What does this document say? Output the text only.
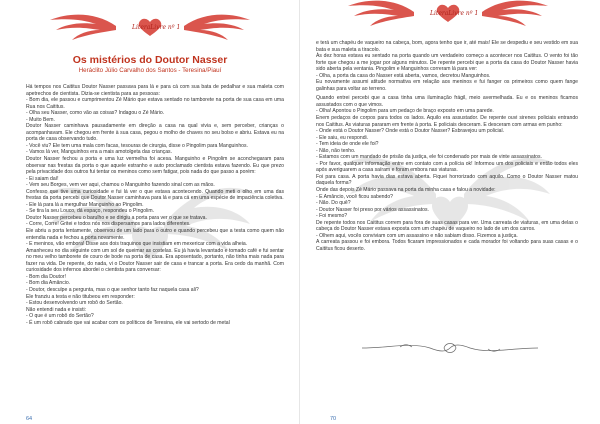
LiteraLivre nº 1
Os mistérios do Doutor Nasser
Heráclito Júlio Carvalho dos Santos - Teresina/Piauí

Há tempos nos Caititus Doutor Nasser passava para lá e para cá com sua bata de pedalhar e sua maleta com apetrechos de cientista. Dizia-se cientista para as pessoas:

- Bom dia, ele passou e cumprimentou Zé Mário que estava sentado no tamborete na porta de sua casa em uma Rua nos Caititus.

- Olha seu Nasser, como vão as coisas? Indagou o Zé Mário.

- Muito Bem.

Doutor Nasser caminhava pausadamente em direção a casa na qual vivia e, sem perceber, crianças o acompanhavam. Ele chegou em frente à sua casa, pegou o molho de chaves no seu bolso e abriu. Estava eu na porta de casa observando tudo.

- Você viu? Ele tem uma mala com facas, tesouras de cirurgia, disse o Pingolim para Manguinhos.

- Vamos lá ver, Manguinhos era a mais amotolgeta das crianças.

Doutor Nasser fechou a porta e uma luz vermelha foi acesa. Manguinho e Pingolim se aconchegaram para observar nas frestas da porta o que aquele estranho e auto proclamado cientista estava fazendo. Eu que prezo pela privacidade dos outros fui tentar os meninos como sem fatigar, pois nada do que passo a porém:

- Ei saiam daí!

- Vem seu Borges, vem ver aqui, chamou o Manguinho fazendo sinal com as mãos.

Confesso que tive uma curiosidade e fui lá ver o que estava acontecendo. Quando meti o olho em uma das frestas da porta percebi que Doutor Nasser caminhava para lá e para cá em uma espécie de impaciência coletiva.

- Ele lá para lá a mergulhar Manguinho ao Pingolim.

- Se tira la seu Louco, dá espaço, respondeu o Pingolim.

Doutor Nasser percebeu o barulho e se dirigiu a porta para ver o que se tratava.

- Corre, Corre! Gritei e todos nós nos dispersamos para lados diferentes.

Ele abriu a porta lentamente, observou de um lado para o outro e quando percebeu que a testa como quem não entendia nada e fechou a porta novamente.

- E meninos, vão embora! Disse aos dois traquinos que insistiam em mexericar com a vida alheia.

Amanheceu no dia seguinte com um sol de queimar as costelas. Eu já havia levantado e tomado café e fui sentar no meu velho tamborete de couro de bode na porta de casa. Era aposentado, portanto, não tinha mais nada para fazer na vida. De repente, do nada, vi o Doutor Nasser sair de casa e trancar a porta. Era cedo da manhã. Com curiosidade dos infernos abordei o cientista para conversar:

- Bom dia Doutor!

- Bom dia Amâncio.

- Doutor, desculpe a pergunta, mas o que senhor tanto faz naquela casa ali?

Ele franziu a testa e não titubeou em responder:

- Estou desenvolvendo um robô do Sertão.

Não entendi nada e insisti:

- O que é um robô do Sertão?

- É um robô cabrado que vai acabar com os políticos de Teresina, ele vai sertodo de metal

64
LiteraLivre nº 1

e terá um chapéu de vaqueiro na cabeça, bom, agora tenho que ir, até mais! Ele se despediu e seu vestido em sua bata e sua maleta a tiracolo.

Às dez horas estava eu sentado na porta quando um verdadeiro começo a acontecer nos Caititus. O vento foi tão forte que chegou a me jogar por alguns minutos. De repente percebi que a porta da casa do Doutor Nasser havia sido aberta pela ventania. Pingolim e Manguinhos correram lá para ver:

- Olha, a porta da casa do Nasser está aberta, vamos, decretou Manguinhos.

Eu novamente assumi atitude normativa em relação aos meninos e fui fanger os primeiros como quem fange galinhas para voltar ao terreno.

Quando entrei percebi que a casa tinha uma iluminação frágil, meio avermelhada. Eu e os meninos ficamos assustados com o que vimos.

- Olha! Apontou o Pingolim para um pedaço de braço exposto em uma parede.

Enem pedaços de corpos para todos os lados. Aquilo era assustador. De repente ouvi sirenes policiais entrando nos Caititus. As viaturas pararam em frente à porta. E policiais desceram. E desceram com armas em punho:

- Onde está o Doutor Nasser? Onde está o Doutor Nasser? Esbravejou um policial.

- Ele saiu, eu respondi.

- Tem ideia de onde ele foi?

- Não, não tenho.

- Estamos com um mandado de prisão da justiça, ele foi condenado por mais de vinte assassinatos.

- Por favor, qualquer informação entre em contato com a polícia ok! Informou um dos policiais e então todos eles após averiguarem a casa saíram e foram embora nas viaturas.

Foi para casa. A porta havia dias estava aberta. Fiquei horrorizado com aquilo. Como o Doutor Nasser matou daquela forma?

Onde das depois Zé Mário passava na porta da minha casa e falou a novidade:

- E Amâncio, você ficou sabendo?

- Não. Do quê?

- Doutor Nasser foi preso por vários assassinatos.

- Foi mesmo?

De repente todos nos Caititus correm para fora de suas casas para ver. Uma carreata de viaturas, em uma delas o cabeça do Doutor Nasser estava exposta com um chapéu de vaqueiro no lado de um dos carros.

- Olhem aqui, vocês conviviam com um assassino e não sabiam disso. Fizemos a justiça.

A carreata passou e foi embora. Todos ficaram impressionados e cada morador foi voltando para suas casas e o Caititus ficou deserto.

70
